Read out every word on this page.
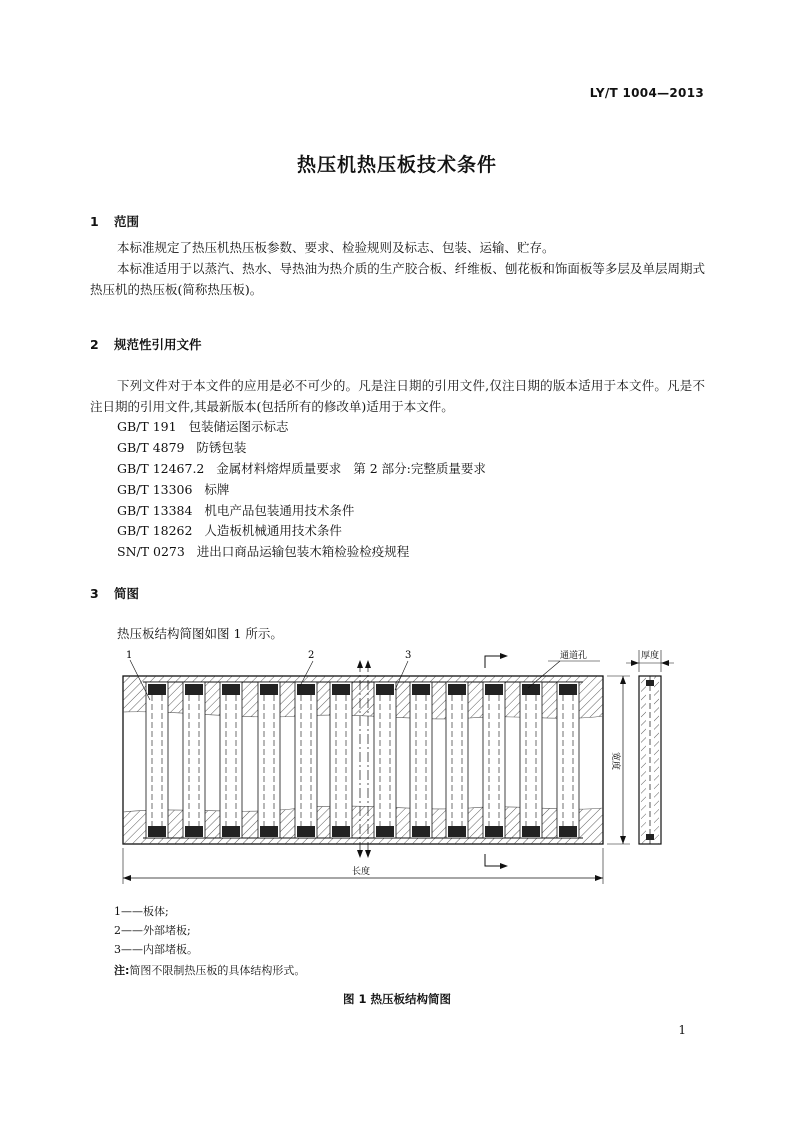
LY/T 1004—2013
热压机热压板技术条件
1 范围

本标准规定了热压机热压板参数、要求、检验规则及标志、包装、运输、贮存。

本标准适用于以蒸汽、热水、导热油为热介质的生产胶合板、纤维板、刨花板和饰面板等多层及单层周期式热压机的热压板(简称热压板)。

2 规范性引用文件

下列文件对于本文件的应用是必不可少的。凡是注日期的引用文件,仅注日期的版本适用于本文件。凡是不注日期的引用文件,其最新版本(包括所有的修改单)适用于本文件。

GB/T 191   包装储运图示标志
GB/T 4879   防锈包装
GB/T 12467.2   金属材料熔焊质量要求   第 2 部分:完整质量要求
GB/T 13306   标牌
GB/T 13384   机电产品包装通用技术条件
GB/T 18262   人造板机械通用技术条件
SN/T 0273   进出口商品运输包装木箱检验检疫规程
3 简图

热压板结构简图如图 1 所示。

1	2	3	通道孔
长度
宽度
厚度
1——板体;
2——外部堵板;
3——内部堵板。
注:简图不限制热压板的具体结构形式。
图 1 热压板结构简图
1
